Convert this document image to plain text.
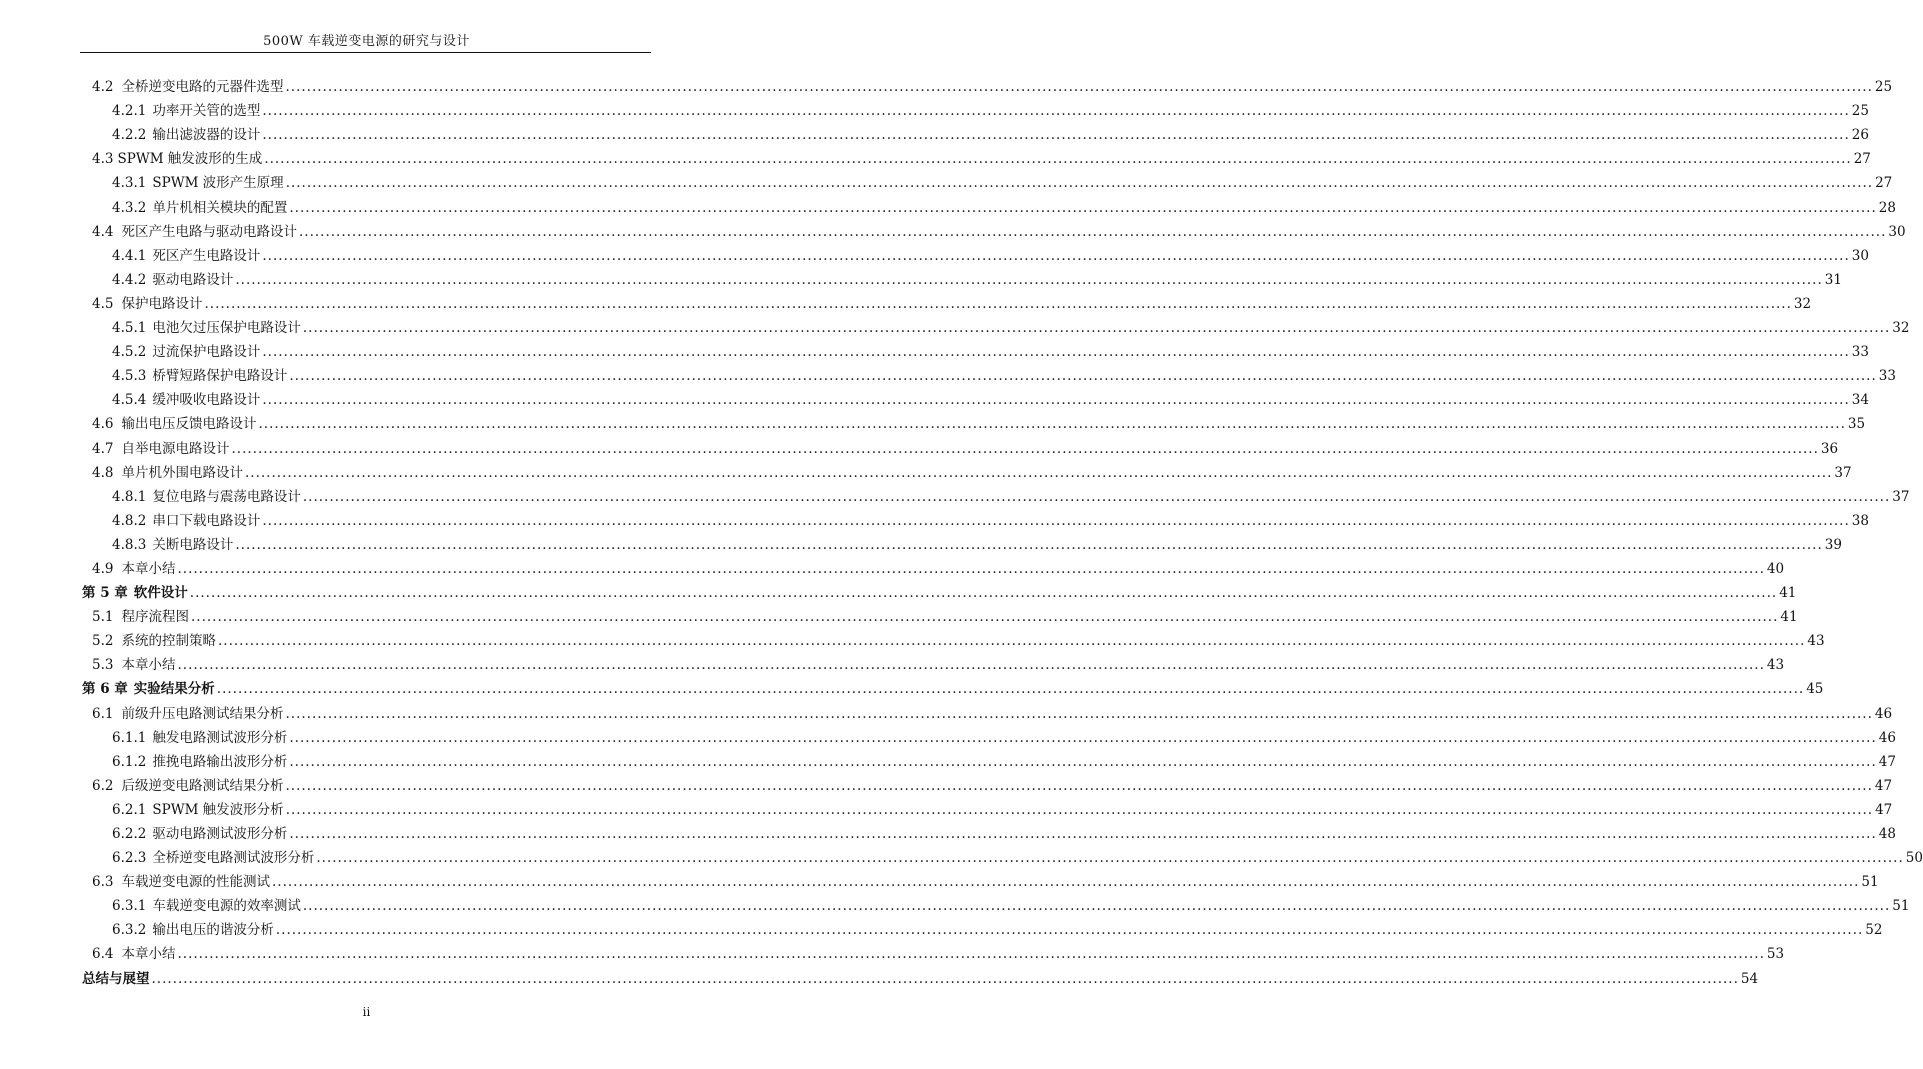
500W 车载逆变电源的研究与设计
4.2 全桥逆变电路的元器件选型 ............................................................................................................................................................................................................................................................................................................ 25
4.2.1 功率开关管的选型 ............................................................................................................................................................................................................................................................................................................ 25
4.2.2 输出滤波器的设计 ............................................................................................................................................................................................................................................................................................................ 26
4.3 SPWM 触发波形的生成 ............................................................................................................................................................................................................................................................................................................ 27
4.3.1 SPWM 波形产生原理 ............................................................................................................................................................................................................................................................................................................ 27
4.3.2 单片机相关模块的配置 ............................................................................................................................................................................................................................................................................................................ 28
4.4 死区产生电路与驱动电路设计 ............................................................................................................................................................................................................................................................................................................ 30
4.4.1 死区产生电路设计 ............................................................................................................................................................................................................................................................................................................ 30
4.4.2 驱动电路设计 ............................................................................................................................................................................................................................................................................................................ 31
4.5 保护电路设计 ............................................................................................................................................................................................................................................................................................................ 32
4.5.1 电池欠过压保护电路设计 ............................................................................................................................................................................................................................................................................................................ 32
4.5.2 过流保护电路设计 ............................................................................................................................................................................................................................................................................................................ 33
4.5.3 桥臂短路保护电路设计 ............................................................................................................................................................................................................................................................................................................ 33
4.5.4 缓冲吸收电路设计 ............................................................................................................................................................................................................................................................................................................ 34
4.6 输出电压反馈电路设计 ............................................................................................................................................................................................................................................................................................................ 35
4.7 自举电源电路设计 ............................................................................................................................................................................................................................................................................................................ 36
4.8 单片机外围电路设计 ............................................................................................................................................................................................................................................................................................................ 37
4.8.1 复位电路与震荡电路设计 ............................................................................................................................................................................................................................................................................................................ 37
4.8.2 串口下载电路设计 ............................................................................................................................................................................................................................................................................................................ 38
4.8.3 关断电路设计 ............................................................................................................................................................................................................................................................................................................ 39
4.9 本章小结 ............................................................................................................................................................................................................................................................................................................ 40
第 5 章 软件设计 ............................................................................................................................................................................................................................................................................................................ 41
5.1 程序流程图 ............................................................................................................................................................................................................................................................................................................ 41
5.2 系统的控制策略 ............................................................................................................................................................................................................................................................................................................ 43
5.3 本章小结 ............................................................................................................................................................................................................................................................................................................ 43
第 6 章 实验结果分析 ............................................................................................................................................................................................................................................................................................................ 45
6.1 前级升压电路测试结果分析 ............................................................................................................................................................................................................................................................................................................ 46
6.1.1 触发电路测试波形分析 ............................................................................................................................................................................................................................................................................................................ 46
6.1.2 推挽电路输出波形分析 ............................................................................................................................................................................................................................................................................................................ 47
6.2 后级逆变电路测试结果分析 ............................................................................................................................................................................................................................................................................................................ 47
6.2.1 SPWM 触发波形分析 ............................................................................................................................................................................................................................................................................................................ 47
6.2.2 驱动电路测试波形分析 ............................................................................................................................................................................................................................................................................................................ 48
6.2.3 全桥逆变电路测试波形分析 ............................................................................................................................................................................................................................................................................................................ 50
6.3 车载逆变电源的性能测试 ............................................................................................................................................................................................................................................................................................................ 51
6.3.1 车载逆变电源的效率测试 ............................................................................................................................................................................................................................................................................................................ 51
6.3.2 输出电压的谐波分析 ............................................................................................................................................................................................................................................................................................................ 52
6.4 本章小结 ............................................................................................................................................................................................................................................................................................................ 53
总结与展望 ............................................................................................................................................................................................................................................................................................................ 54
ii
